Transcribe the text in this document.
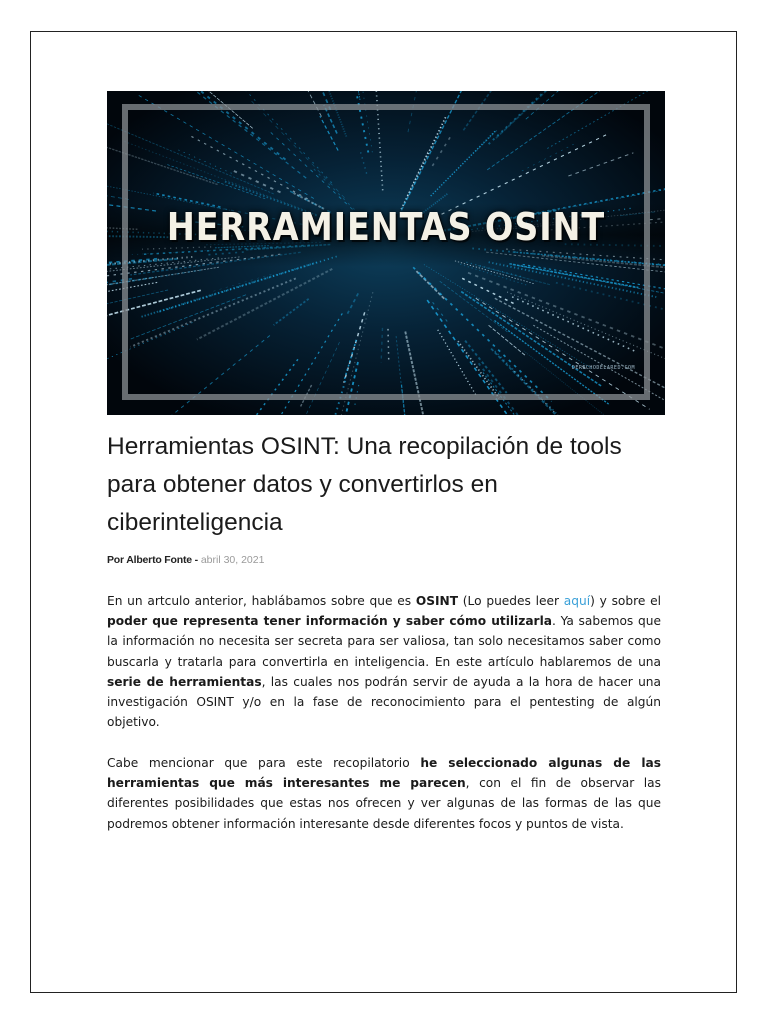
HERRAMIENTAS OSINT
DERECHODELARED.COM
Herramientas OSINT: Una recopilación de tools para obtener datos y convertirlos en ciberinteligencia
Por Alberto Fonte - abril 30, 2021

En un artculo anterior, hablábamos sobre que es OSINT (Lo puedes leer aquí) y sobre el poder que representa tener información y saber cómo utilizarla. Ya sabemos que la información no necesita ser secreta para ser valiosa, tan solo necesitamos saber como buscarla y tratarla para convertirla en inteligencia. En este artículo hablaremos de una serie de herramientas, las cuales nos podrán servir de ayuda a la hora de hacer una investigación OSINT y/o en la fase de reconocimiento para el pentesting de algún objetivo.

Cabe mencionar que para este recopilatorio he seleccionado algunas de las herramientas que más interesantes me parecen, con el fin de observar las diferentes posibilidades que estas nos ofrecen y ver algunas de las formas de las que podremos obtener información interesante desde diferentes focos y puntos de vista.
